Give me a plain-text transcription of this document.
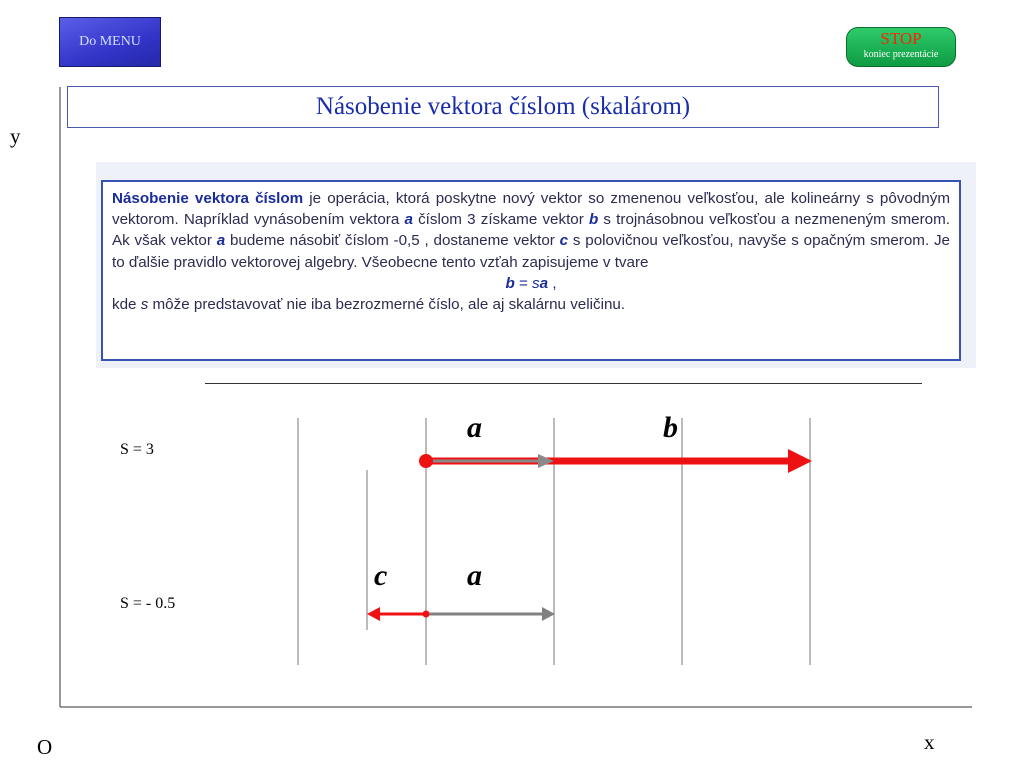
Do MENU	STOP
koniec prezentácie
y
O	x
Násobenie vektora číslom (skalárom)
Násobenie vektora číslom je operácia, ktorá poskytne nový vektor so zmenenou veľkosťou, ale kolineárny s pôvodným vektorom. Napríklad vynásobením vektora a číslom 3 získame vektor b s trojnásobnou veľkosťou a nezmeneným smerom. Ak však vektor a budeme násobiť číslom -0,5 , dostaneme vektor c s polovičnou veľkosťou, navyše s opačným smerom. Je to ďalšie pravidlo vektorovej algebry. Všeobecne tento vzťah zapisujeme v tvare
b = sa ,
kde s môže predstavovať nie iba bezrozmerné číslo, ale aj skalárnu veličinu.
S = 3
S = - 0.5
a	b
c	a
